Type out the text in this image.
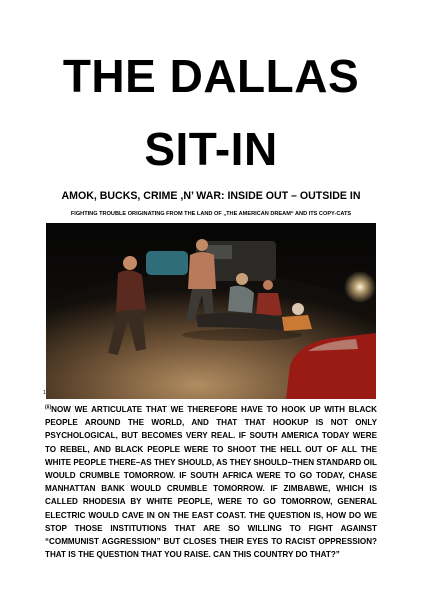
THE DALLAS
SIT-IN
AMOK, BUCKS, CRIME ,N’ WAR: INSIDE OUT – OUTSIDE IN
FIGHTING TROUBLE ORIGINATING FROM THE LAND OF „THE AMERICAN DREAM“ AND ITS COPY-CATS
1

$^{(ii)}$NOW WE ARTICULATE THAT WE THEREFORE HAVE TO HOOK UP WITH BLACK PEOPLE AROUND THE WORLD, AND THAT THAT HOOKUP IS NOT ONLY PSYCHOLOGICAL, BUT BECOMES VERY REAL. IF SOUTH AMERICA TODAY WERE TO REBEL, AND BLACK PEOPLE WERE TO SHOOT THE HELL OUT OF ALL THE WHITE PEOPLE THERE–AS THEY SHOULD, AS THEY SHOULD–THEN STANDARD OIL WOULD CRUMBLE TOMORROW. IF SOUTH AFRICA WERE TO GO TODAY, CHASE MANHATTAN BANK WOULD CRUMBLE TOMORROW. IF ZIMBABWE, WHICH IS CALLED RHODESIA BY WHITE PEOPLE, WERE TO GO TOMORROW, GENERAL ELECTRIC WOULD CAVE IN ON THE EAST COAST. THE QUESTION IS, HOW DO WE STOP THOSE INSTITUTIONS THAT ARE SO WILLING TO FIGHT AGAINST “COMMUNIST AGGRESSION” BUT CLOSES THEIR EYES TO RACIST OPPRESSION? THAT IS THE QUESTION THAT YOU RAISE. CAN THIS COUNTRY DO THAT?”
